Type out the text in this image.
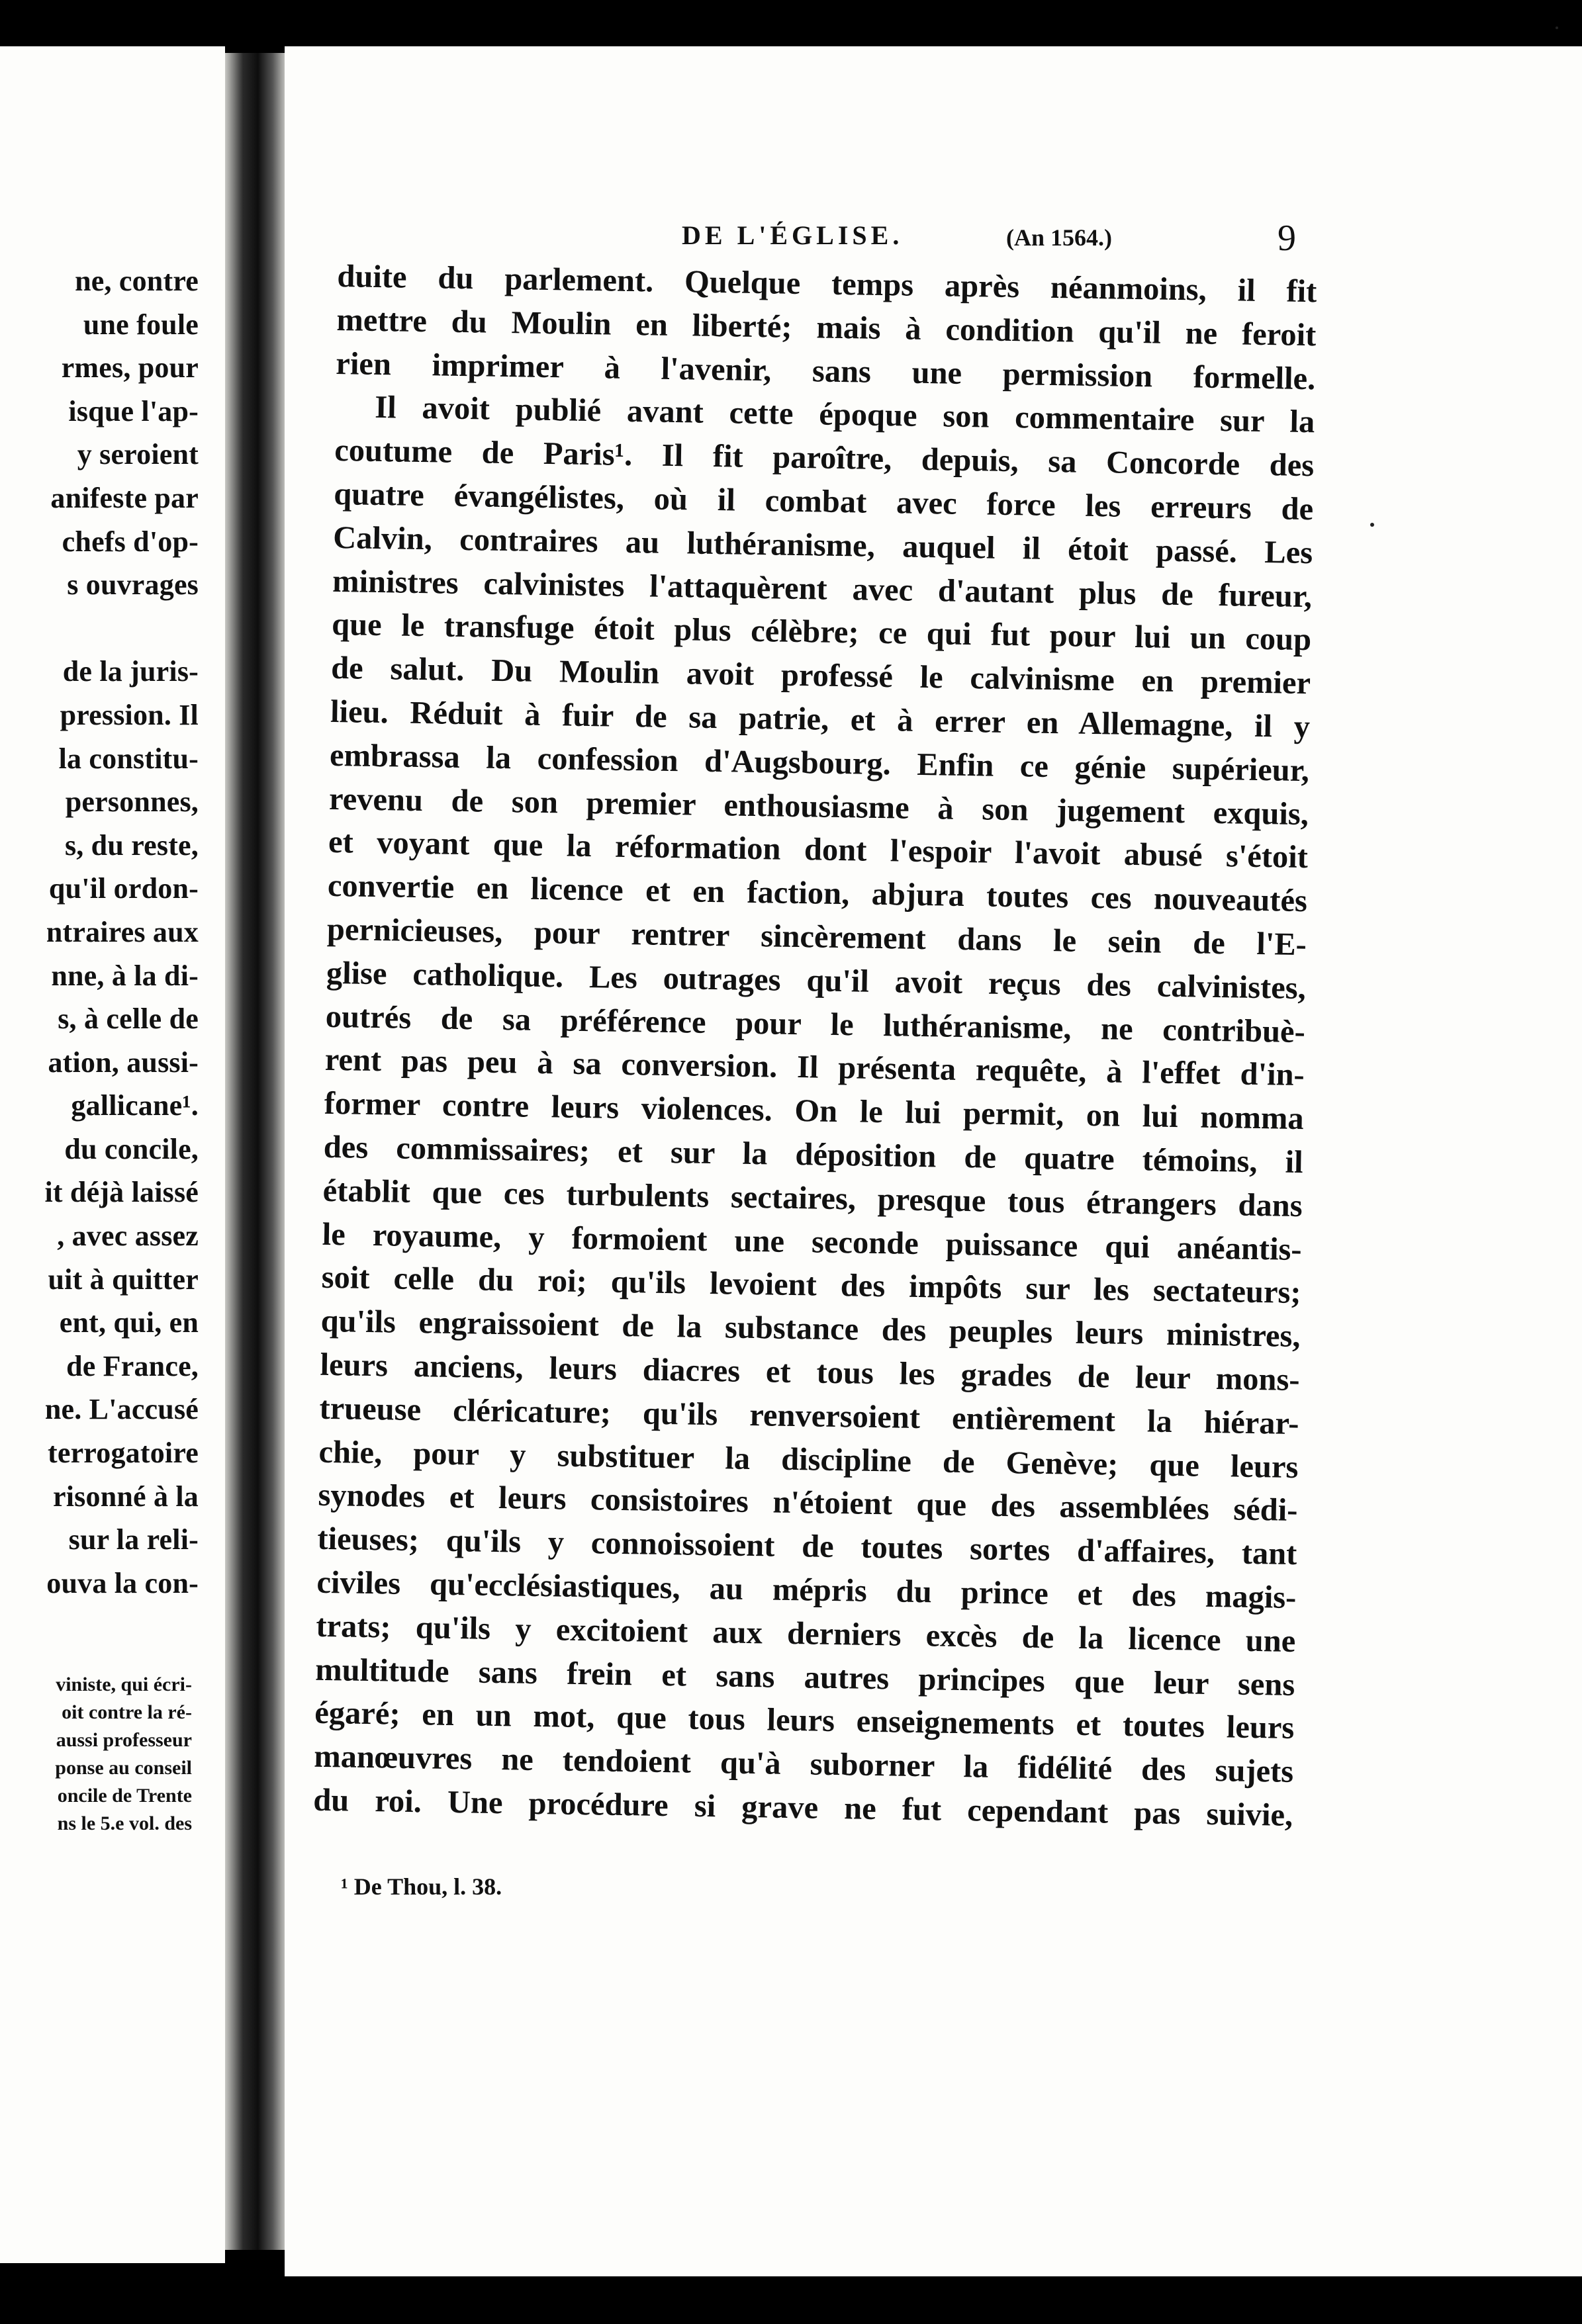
ne, contre
une foule
rmes, pour
isque l'ap-
y seroient
anifeste par
chefs d'op-
s ouvrages
de la juris-
pression. Il
la constitu-
personnes,
s, du reste,
qu'il ordon-
ntraires aux
nne, à la di-
s, à celle de
ation, aussi-
gallicane¹.
du concile,
it déjà laissé
, avec assez
uit à quitter
ent, qui, en
de France,
ne. L'accusé
terrogatoire
risonné à la
sur la reli-
ouva la con-
viniste, qui écri-
oit contre la ré-
aussi professeur
ponse au conseil
oncile de Trente
ns le 5.e vol. des
DE L'ÉGLISE.	(An 1564.)	9
duite du parlement. Quelque temps après néanmoins, il fit
mettre du Moulin en liberté; mais à condition qu'il ne feroit
rien imprimer à l'avenir, sans une permission formelle.
Il avoit publié avant cette époque son commentaire sur la
coutume de Paris¹. Il fit paroître, depuis, sa Concorde des
quatre évangélistes, où il combat avec force les erreurs de
Calvin, contraires au luthéranisme, auquel il étoit passé. Les
ministres calvinistes l'attaquèrent avec d'autant plus de fureur,
que le transfuge étoit plus célèbre; ce qui fut pour lui un coup
de salut. Du Moulin avoit professé le calvinisme en premier
lieu. Réduit à fuir de sa patrie, et à errer en Allemagne, il y
embrassa la confession d'Augsbourg. Enfin ce génie supérieur,
revenu de son premier enthousiasme à son jugement exquis,
et voyant que la réformation dont l'espoir l'avoit abusé s'étoit
convertie en licence et en faction, abjura toutes ces nouveautés
pernicieuses, pour rentrer sincèrement dans le sein de l'E-
glise catholique. Les outrages qu'il avoit reçus des calvinistes,
outrés de sa préférence pour le luthéranisme, ne contribuè-
rent pas peu à sa conversion. Il présenta requête, à l'effet d'in-
former contre leurs violences. On le lui permit, on lui nomma
des commissaires; et sur la déposition de quatre témoins, il
établit que ces turbulents sectaires, presque tous étrangers dans
le royaume, y formoient une seconde puissance qui anéantis-
soit celle du roi; qu'ils levoient des impôts sur les sectateurs;
qu'ils engraissoient de la substance des peuples leurs ministres,
leurs anciens, leurs diacres et tous les grades de leur mons-
trueuse cléricature; qu'ils renversoient entièrement la hiérar-
chie, pour y substituer la discipline de Genève; que leurs
synodes et leurs consistoires n'étoient que des assemblées sédi-
tieuses; qu'ils y connoissoient de toutes sortes d'affaires, tant
civiles qu'ecclésiastiques, au mépris du prince et des magis-
trats; qu'ils y excitoient aux derniers excès de la licence une
multitude sans frein et sans autres principes que leur sens
égaré; en un mot, que tous leurs enseignements et toutes leurs
manœuvres ne tendoient qu'à suborner la fidélité des sujets
du roi. Une procédure si grave ne fut cependant pas suivie,
¹ De Thou, l. 38.
